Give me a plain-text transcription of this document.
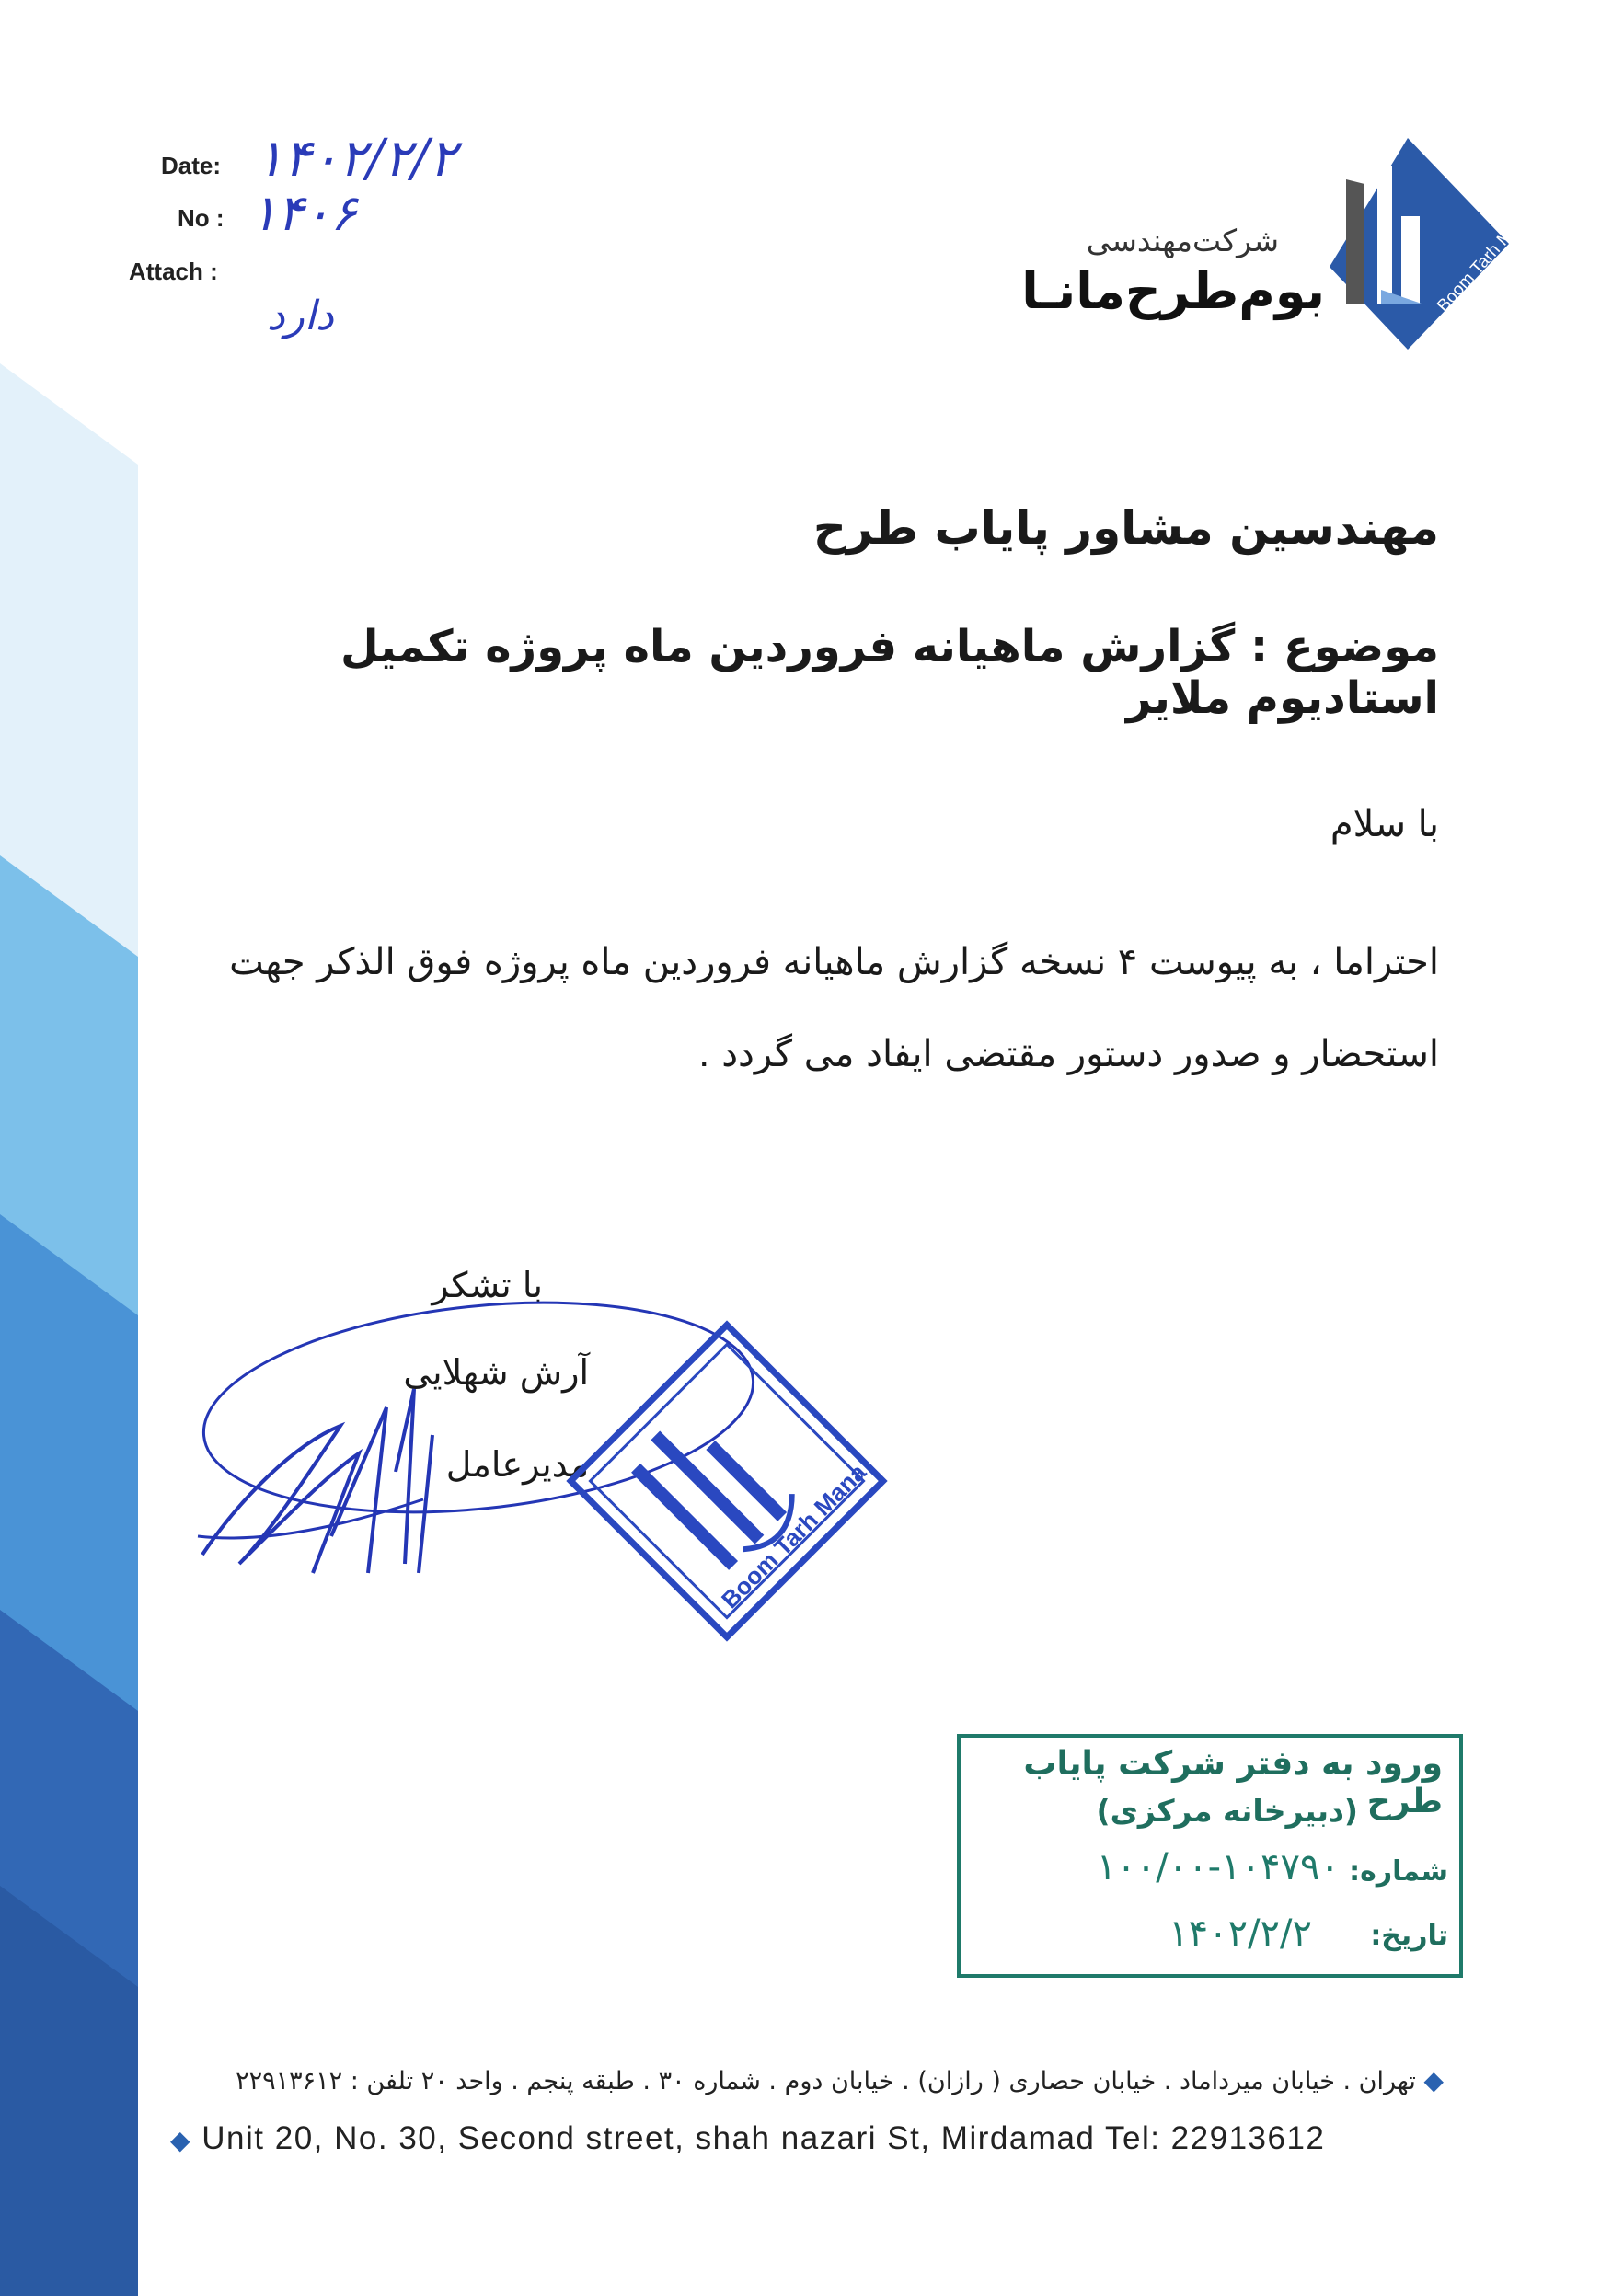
Date: ۱۴۰۲/۲/۲
No : ۱۴۰۶
Attach :
دارد
Boom Tarh Mana
شرکت‌مهندسی
بوم‌طرح‌مانـا
مهندسین مشاور پایاب طرح
موضوع : گزارش ماهیانه فروردین ماه پروژه تکمیل استادیوم ملایر
با سلام
احتراما ، به پیوست ۴ نسخه گزارش ماهیانه فروردین ماه پروژه فوق الذکر جهت
استحضار و صدور دستور مقتضی ایفاد می گردد .
با تشکر
آرش شهلایی
مدیرعامل	Boom Tarh Mana
ورود به دفتر شرکت پایاب طرح
(دبیرخانه مرکزی)
شماره:
۱۰۰/۰۰-۱۰۴۷۹۰
تاریخ:
۱۴۰۲/۲/۲
◆ تهران . خیابان میرداماد . خیابان حصاری ( رازان) . خیابان دوم . شماره ۳۰ . طبقه پنجم . واحد ۲۰ تلفن : ۲۲۹۱۳۶۱۲
◆ Unit 20, No. 30, Second street, shah nazari St, Mirdamad Tel: 22913612
